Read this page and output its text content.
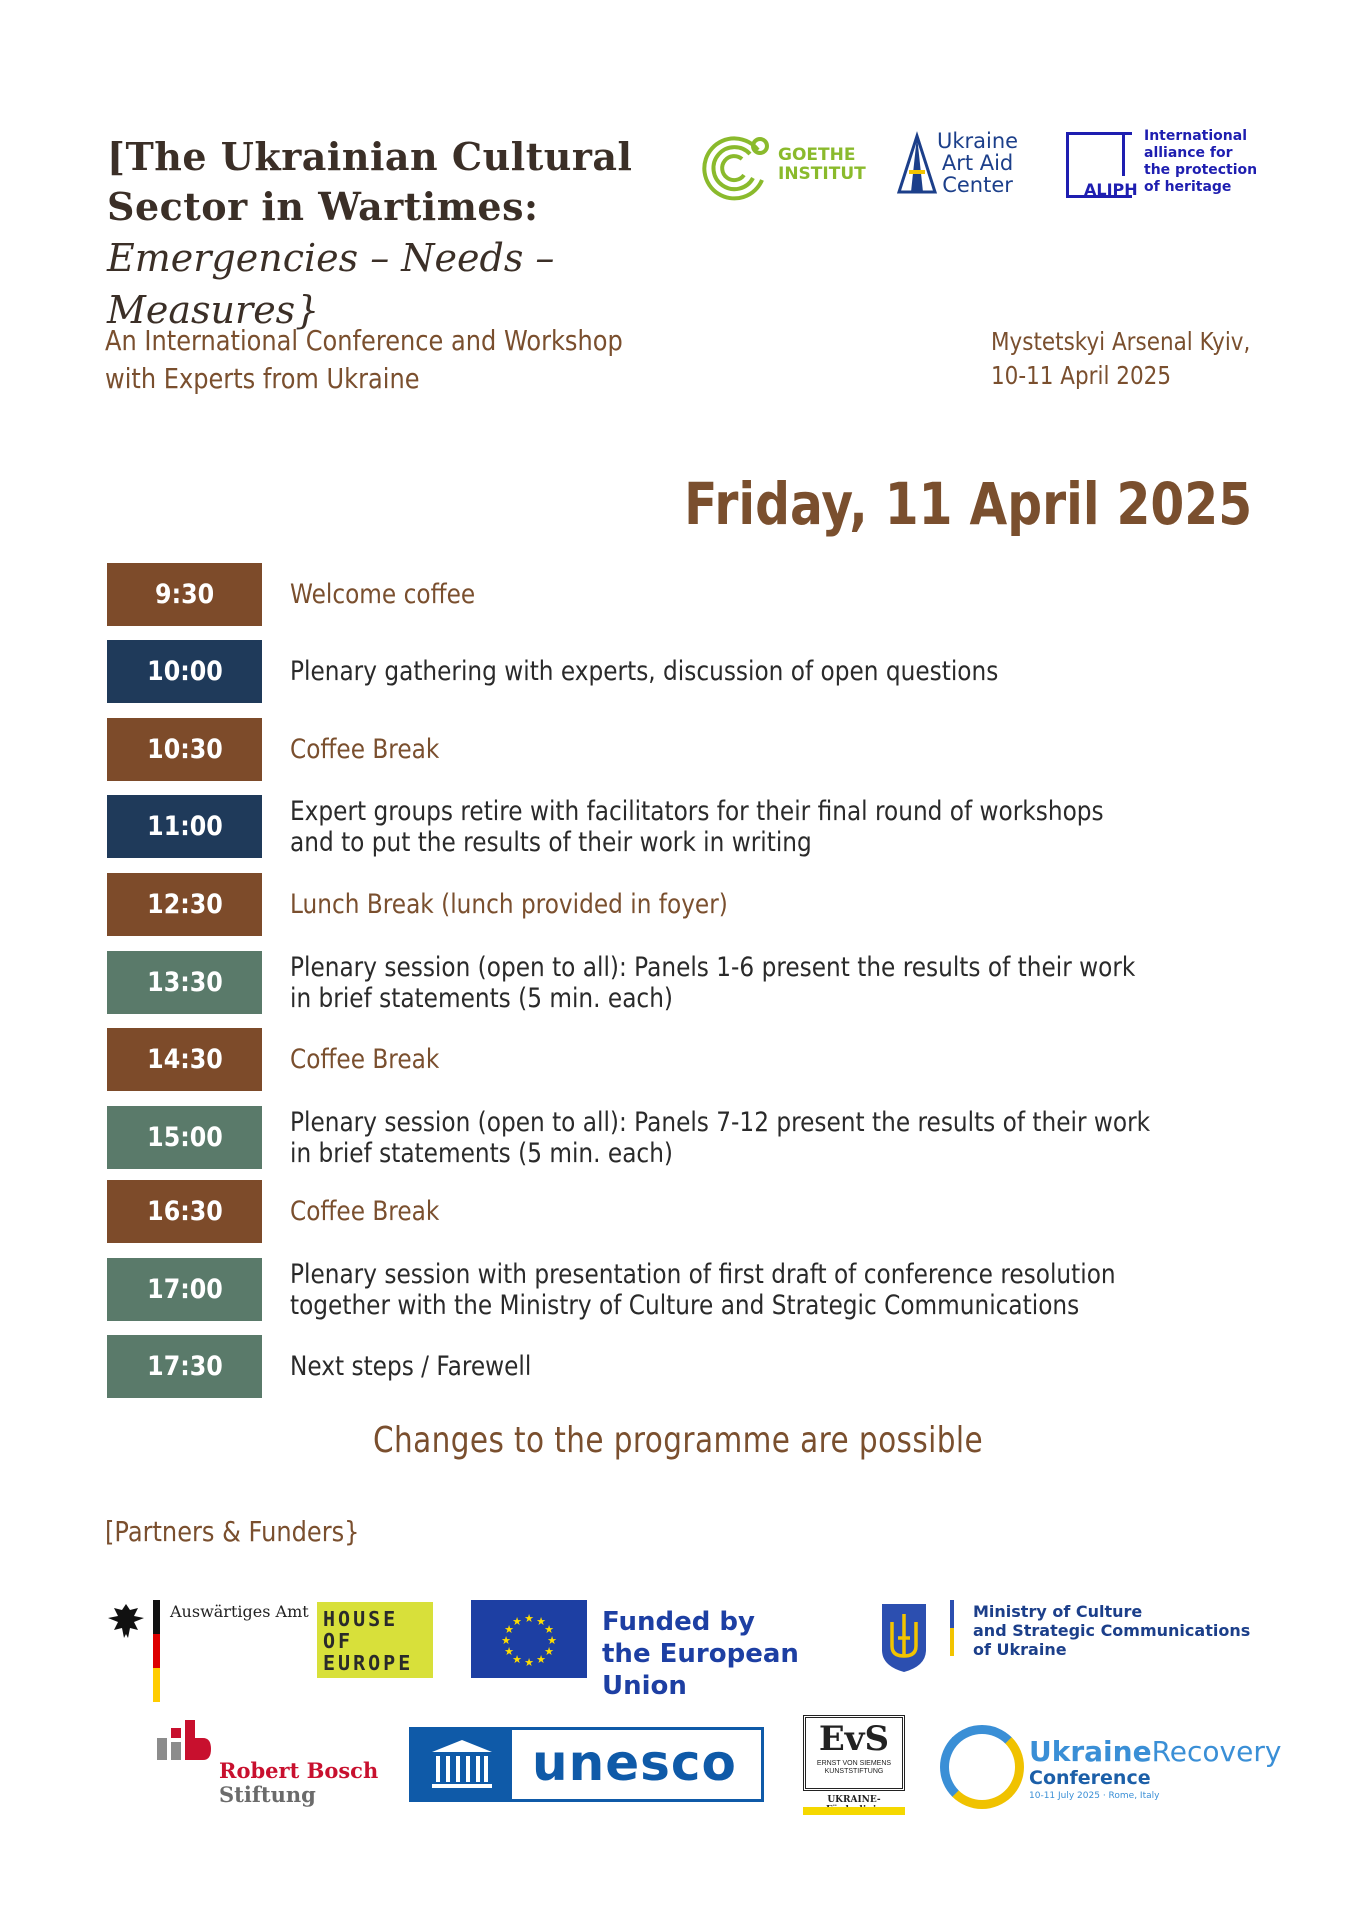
[The Ukrainian Cultural
Sector in Wartimes:
Emergencies – Needs – Measures}
GOETHE
INSTITUT
Ukraine
Art Aid
Center	ALIPH
International
alliance for
the protection
of heritage
An International Conference and Workshop
with Experts from Ukraine
Mystetskyi Arsenal Kyiv,
10-11 April 2025
Friday, 11 April 2025
9:30	Welcome coffee
10:00	Plenary gathering with experts, discussion of open questions
10:30	Coffee Break
11:00	Expert groups retire with facilitators for their final round of workshops
and to put the results of their work in writing
12:30	Lunch Break (lunch provided in foyer)
13:30	Plenary session (open to all): Panels 1-6 present the results of their work
in brief statements (5 min. each)
14:30	Coffee Break
15:00	Plenary session (open to all): Panels 7-12 present the results of their work
in brief statements (5 min. each)
16:30	Coffee Break
17:00	Plenary session with presentation of first draft of conference resolution
together with the Ministry of Culture and Strategic Communications
17:30	Next steps / Farewell
Changes to the programme are possible
[Partners & Funders}
Auswärtiges Amt HOUSE
OF
EUROPE
★ ★
★
★
★
★
★
★
★
★
★
★	Funded by
the European Union
Ministry of Culture
and Strategic Communications
of Ukraine
Robert Bosch
Stiftung
unesco	EvS
ERNST VON SIEMENS KUNSTSTIFTUNG
UKRAINE-
UkraineRecovery
Conference
10-11 July 2025 · Rome, Italy
